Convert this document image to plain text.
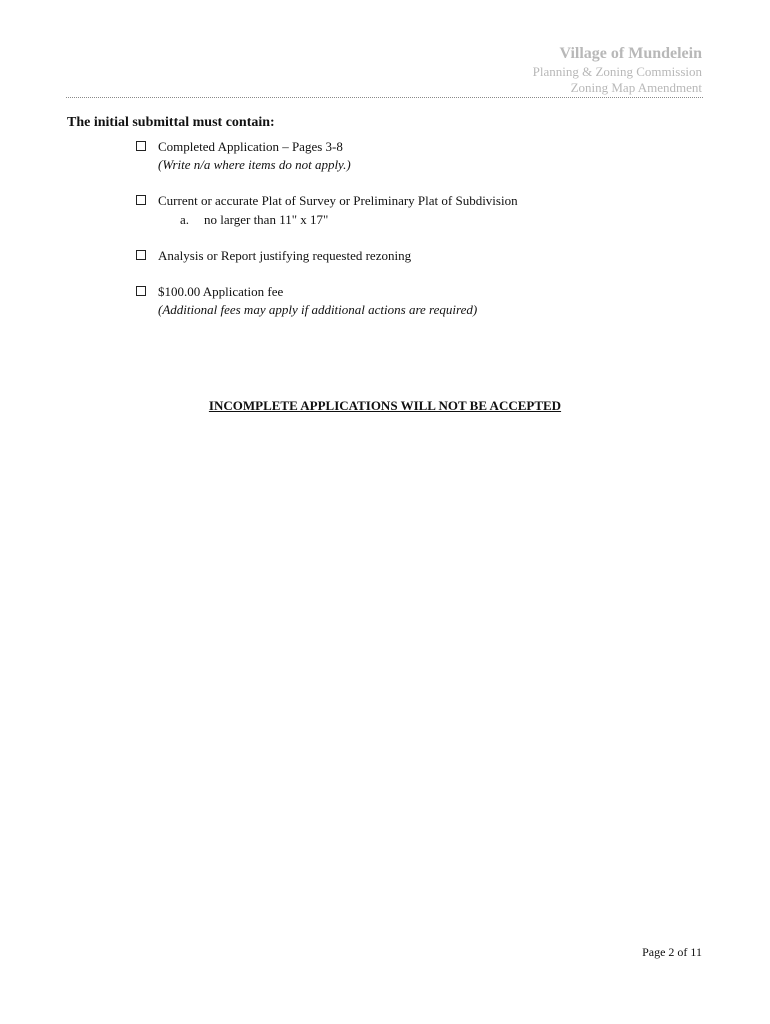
Village of Mundelein
Planning & Zoning Commission
Zoning Map Amendment
The initial submittal must contain:
Completed Application – Pages 3-8
(Write n/a where items do not apply.)
Current or accurate Plat of Survey or Preliminary Plat of Subdivision
a. no larger than 11" x 17"
Analysis or Report justifying requested rezoning
$100.00 Application fee
(Additional fees may apply if additional actions are required)
INCOMPLETE APPLICATIONS WILL NOT BE ACCEPTED
Page 2 of 11
